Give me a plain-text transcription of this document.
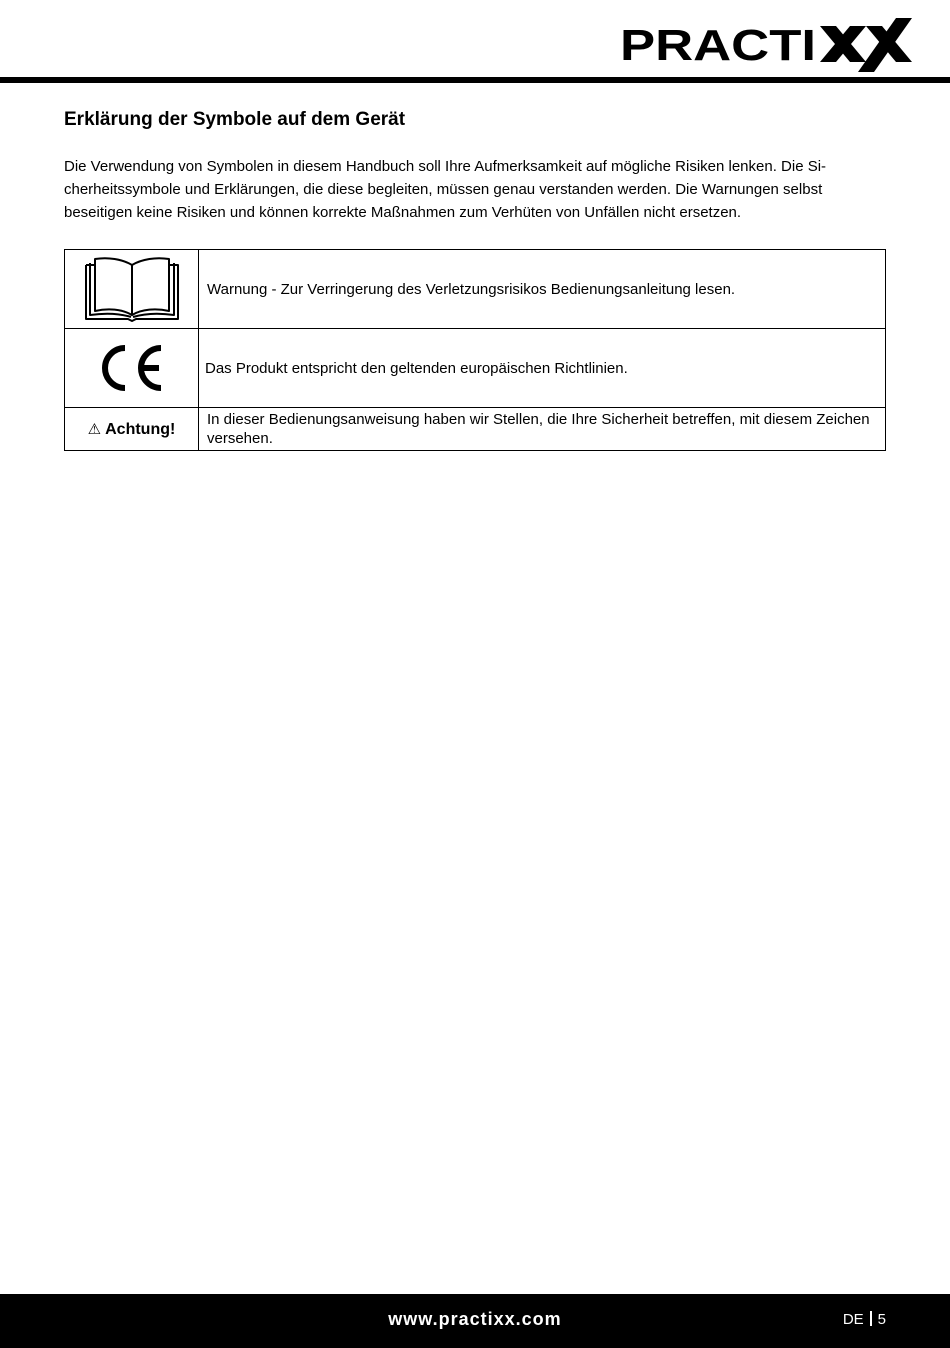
PRACTI
Erklärung der Symbole auf dem Gerät

Die Verwendung von Symbolen in diesem Handbuch soll Ihre Aufmerksamkeit auf mögliche Risiken lenken. Die Si-
cherheitssymbole und Erklärungen, die diese begleiten, müssen genau verstanden werden. Die Warnungen selbst
beseitigen keine Risiken und können korrekte Maßnahmen zum Verhüten von Unfällen nicht ersetzen.

	Warnung - Zur Verringerung des Verletzungsrisikos Bedienungsanleitung lesen.
	Das Produkt entspricht den geltenden europäischen Richtlinien.
⚠ Achtung!	In dieser Bedienungsanweisung haben wir Stellen, die Ihre Sicherheit betreffen, mit diesem Zeichen versehen.
www.practixx.com	DE 5
